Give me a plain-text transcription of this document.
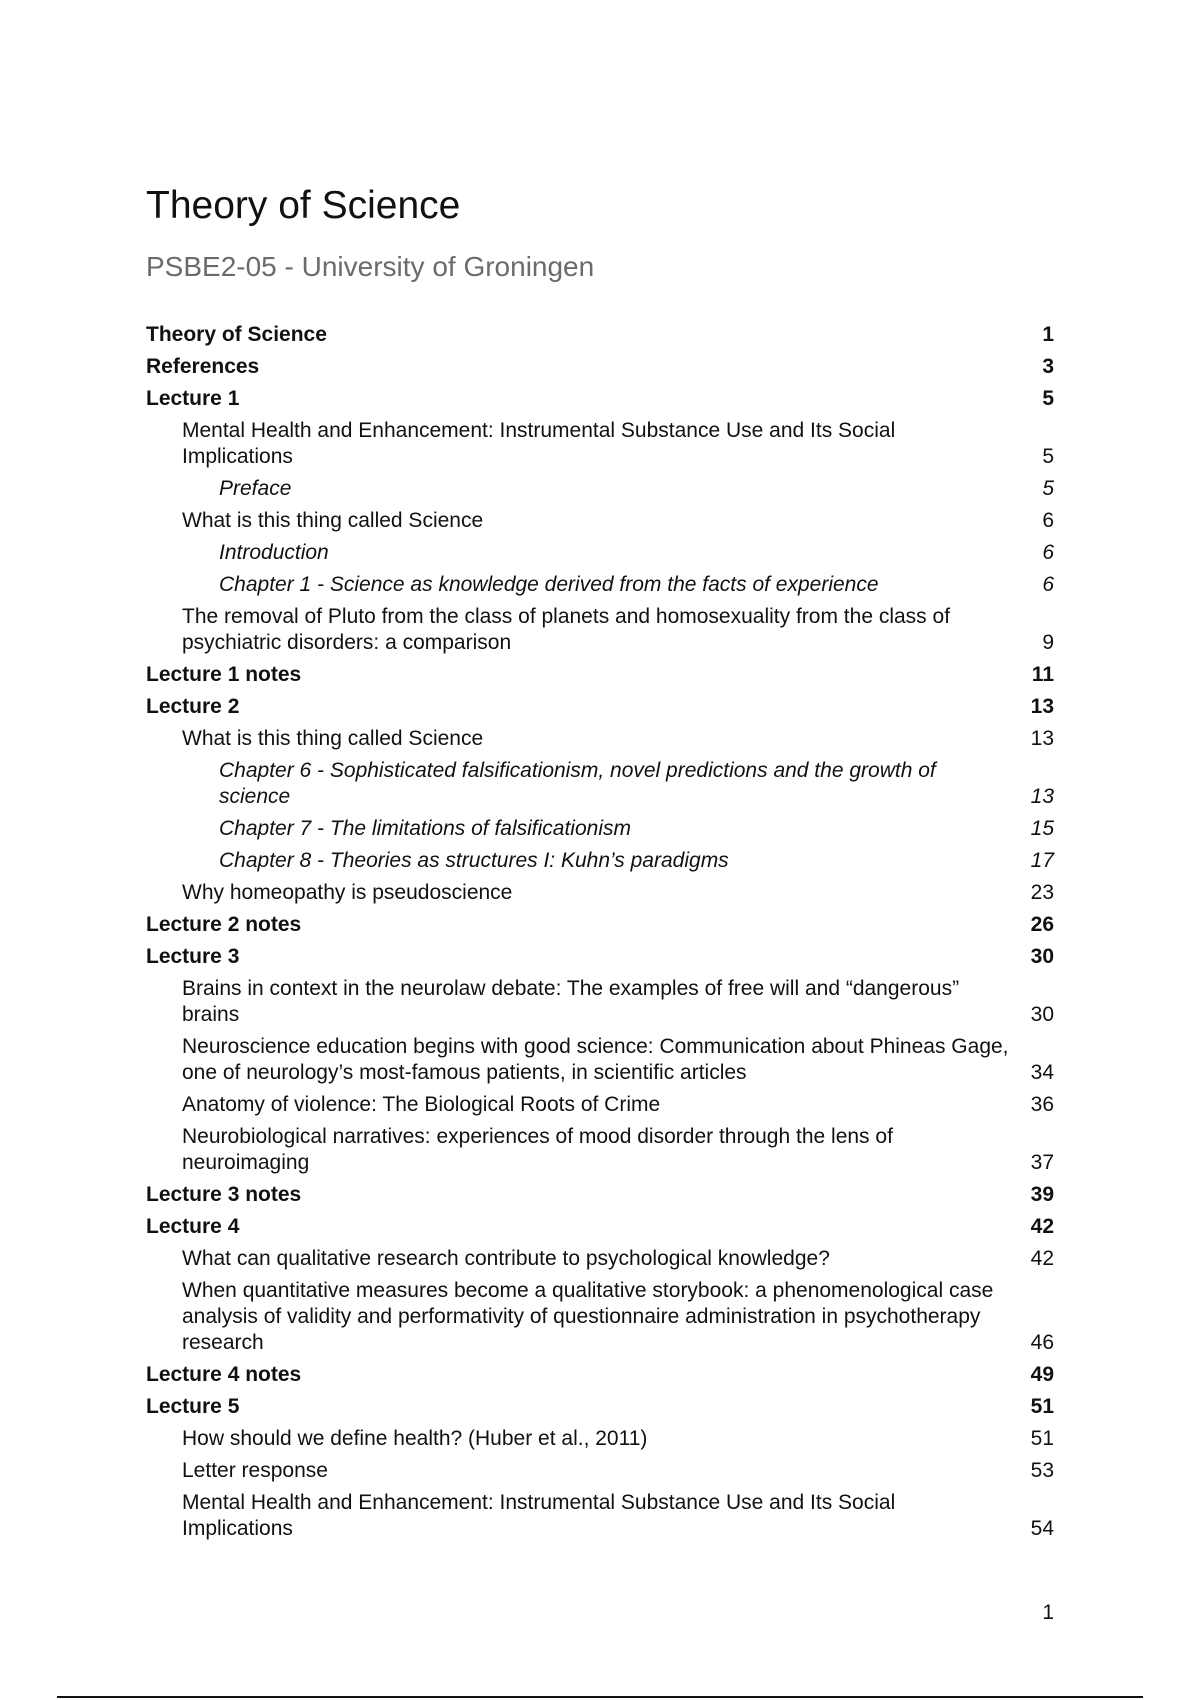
Theory of Science
PSBE2-05 - University of Groningen
Theory of Science	1
References	3
Lecture 1	5
Mental Health and Enhancement: Instrumental Substance Use and Its Social Implications	5
Preface	5
What is this thing called Science	6
Introduction	6
Chapter 1 - Science as knowledge derived from the facts of experience	6
The removal of Pluto from the class of planets and homosexuality from the class of psychiatric disorders: a comparison	9
Lecture 1 notes	11
Lecture 2	13
What is this thing called Science	13
Chapter 6 - Sophisticated falsificationism, novel predictions and the growth of science	13
Chapter 7 - The limitations of falsificationism	15
Chapter 8 - Theories as structures I: Kuhn’s paradigms	17
Why homeopathy is pseudoscience	23
Lecture 2 notes	26
Lecture 3	30
Brains in context in the neurolaw debate: The examples of free will and “dangerous” brains	30
Neuroscience education begins with good science: Communication about Phineas Gage, one of neurology’s most-famous patients, in scientific articles	34
Anatomy of violence: The Biological Roots of Crime	36
Neurobiological narratives: experiences of mood disorder through the lens of neuroimaging	37
Lecture 3 notes	39
Lecture 4	42
What can qualitative research contribute to psychological knowledge?	42
When quantitative measures become a qualitative storybook: a phenomenological case analysis of validity and performativity of questionnaire administration in psychotherapy research	46
Lecture 4 notes	49
Lecture 5	51
How should we define health? (Huber et al., 2011)	51
Letter response	53
Mental Health and Enhancement: Instrumental Substance Use and Its Social Implications	54
1
